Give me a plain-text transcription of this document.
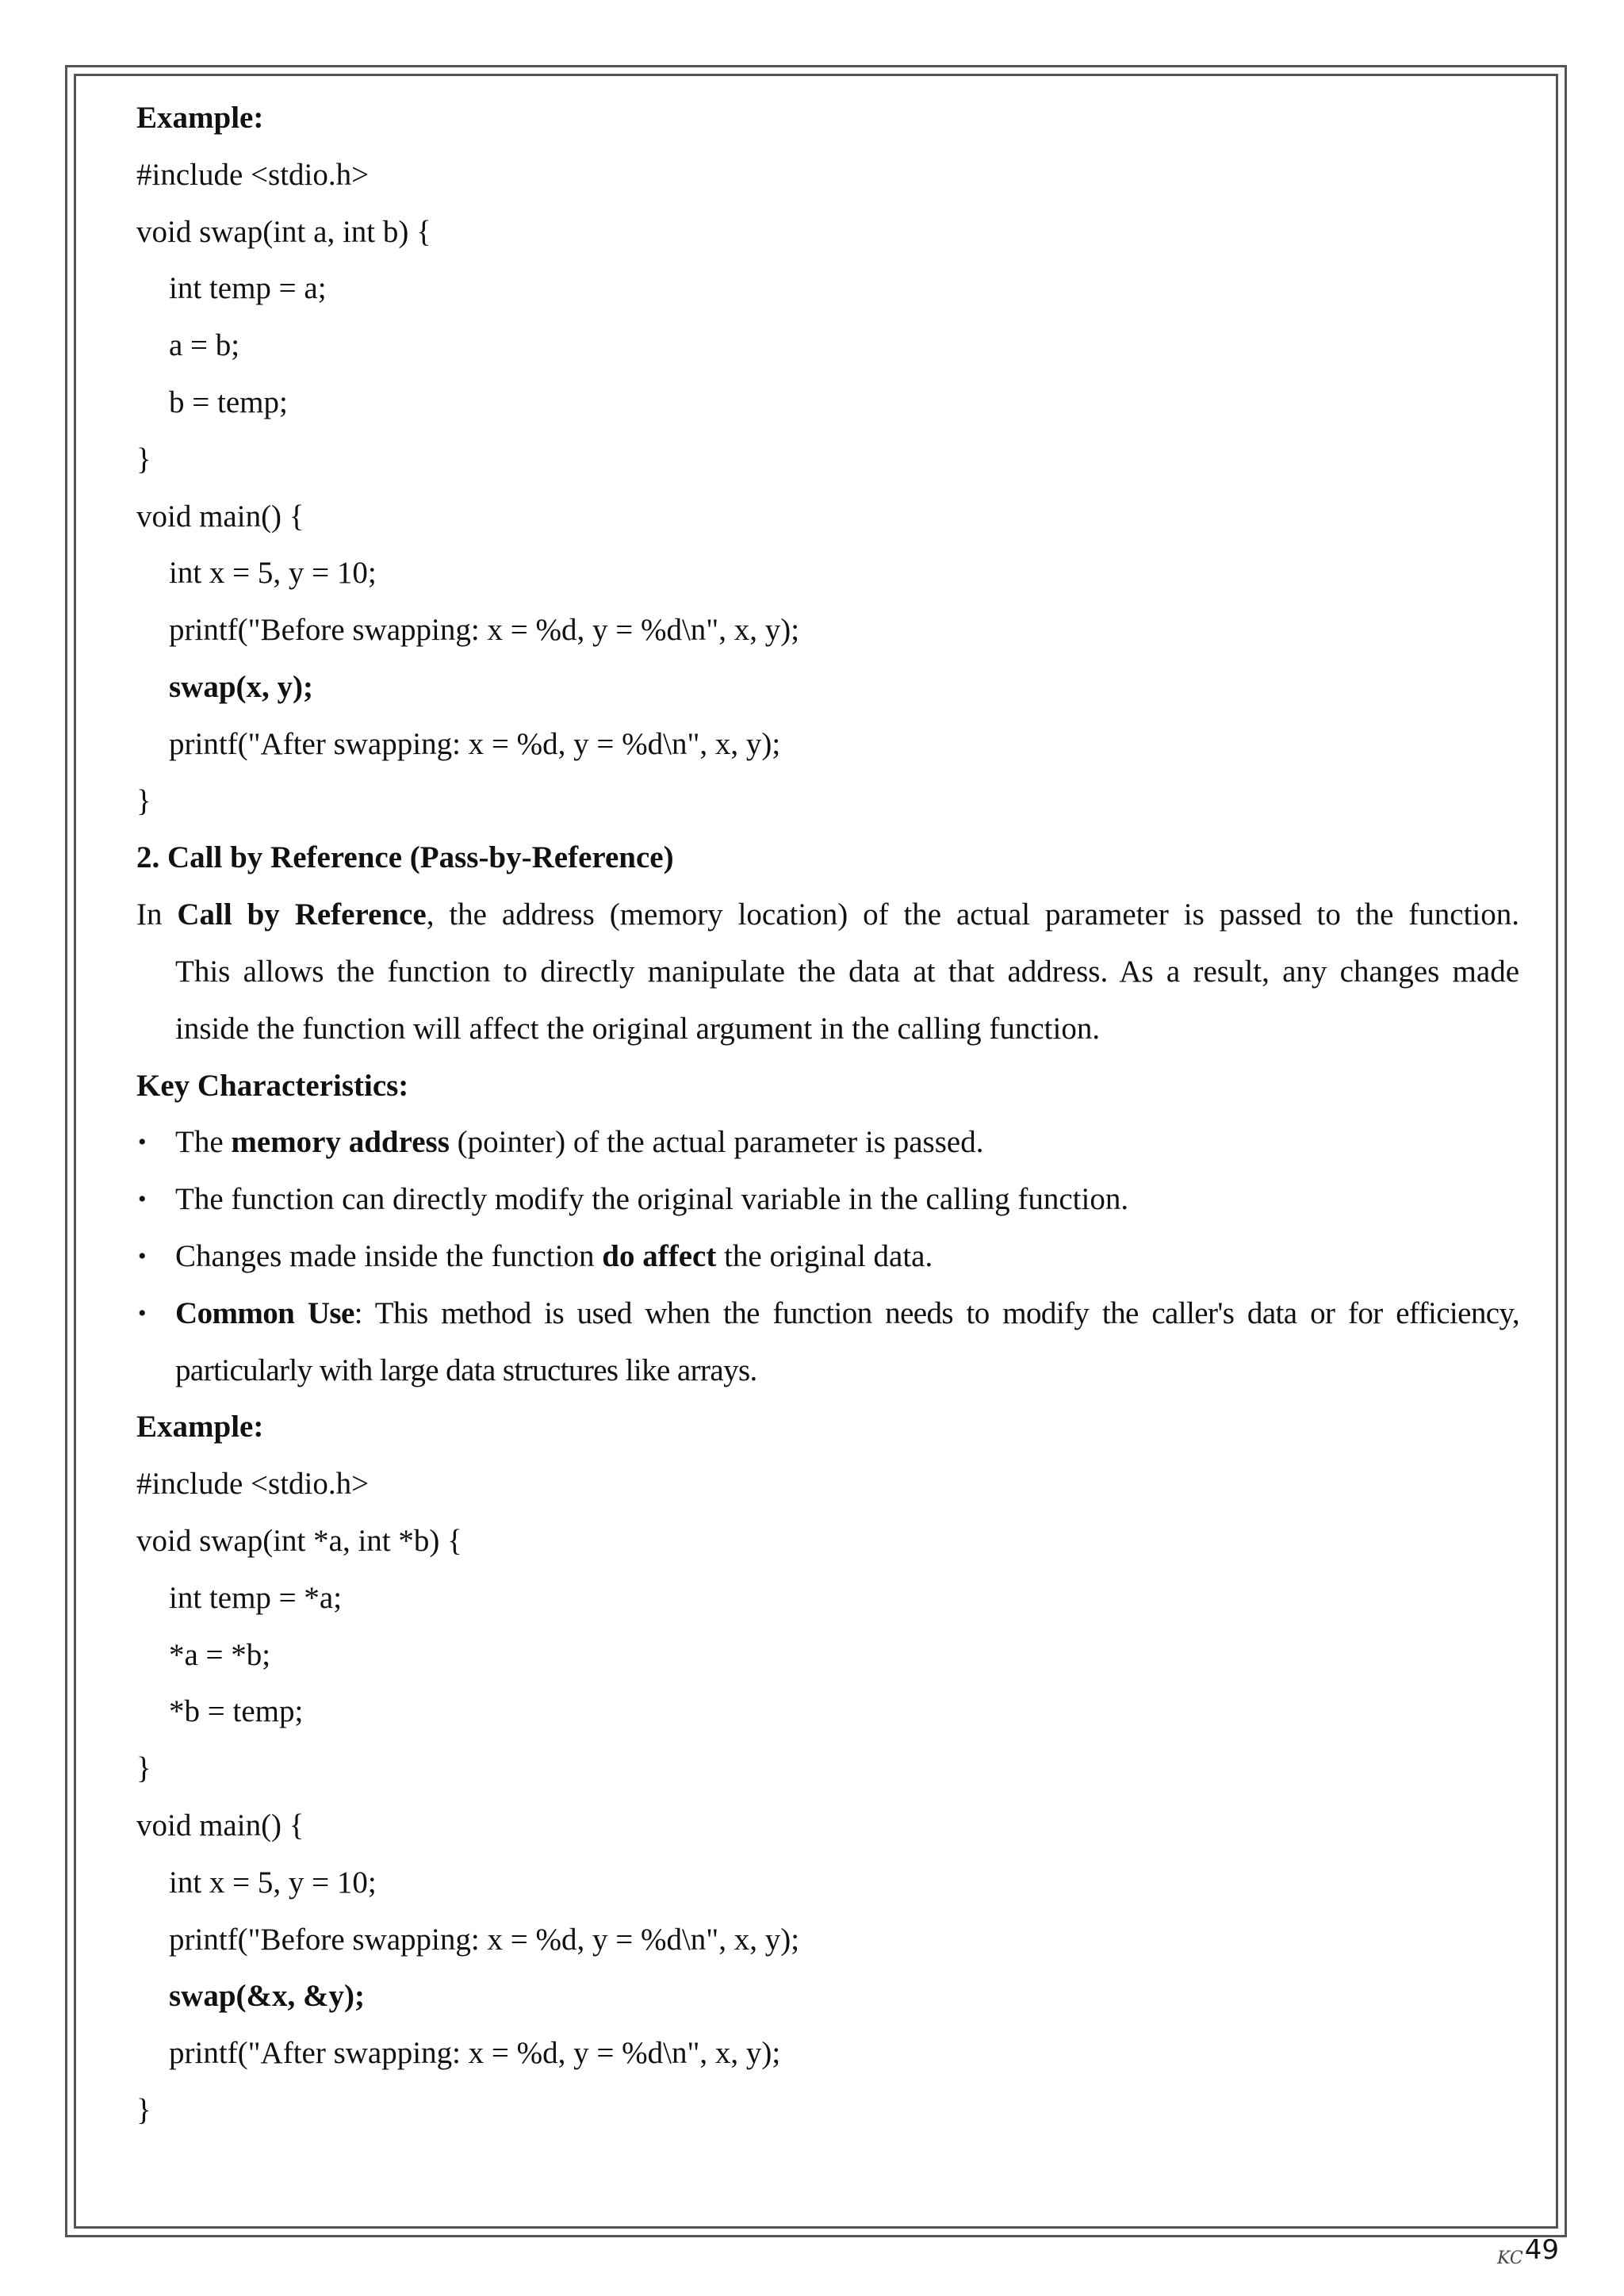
Example:
#include <stdio.h>
void swap(int a, int b) {
int temp = a;
a = b;
b = temp;
}
void main() {
int x = 5, y = 10;
printf("Before swapping: x = %d, y = %d\n", x, y);
swap(x, y);
printf("After swapping: x = %d, y = %d\n", x, y);
}
2. Call by Reference (Pass-by-Reference)
In Call by Reference, the address (memory location) of the actual parameter is passed to the function.
This allows the function to directly manipulate the data at that address. As a result, any changes made
inside the function will affect the original argument in the calling function.
Key Characteristics:
• The memory address (pointer) of the actual parameter is passed.
• The function can directly modify the original variable in the calling function.
• Changes made inside the function do affect the original data.
• Common Use: This method is used when the function needs to modify the caller's data or for efficiency, particularly with large data structures like arrays.
Example:
#include <stdio.h>
void swap(int *a, int *b) {
int temp = *a;
*a = *b;
*b = temp;
}
void main() {
int x = 5, y = 10;
printf("Before swapping: x = %d, y = %d\n", x, y);
swap(&x, &y);
printf("After swapping: x = %d, y = %d\n", x, y);
}
KC49
